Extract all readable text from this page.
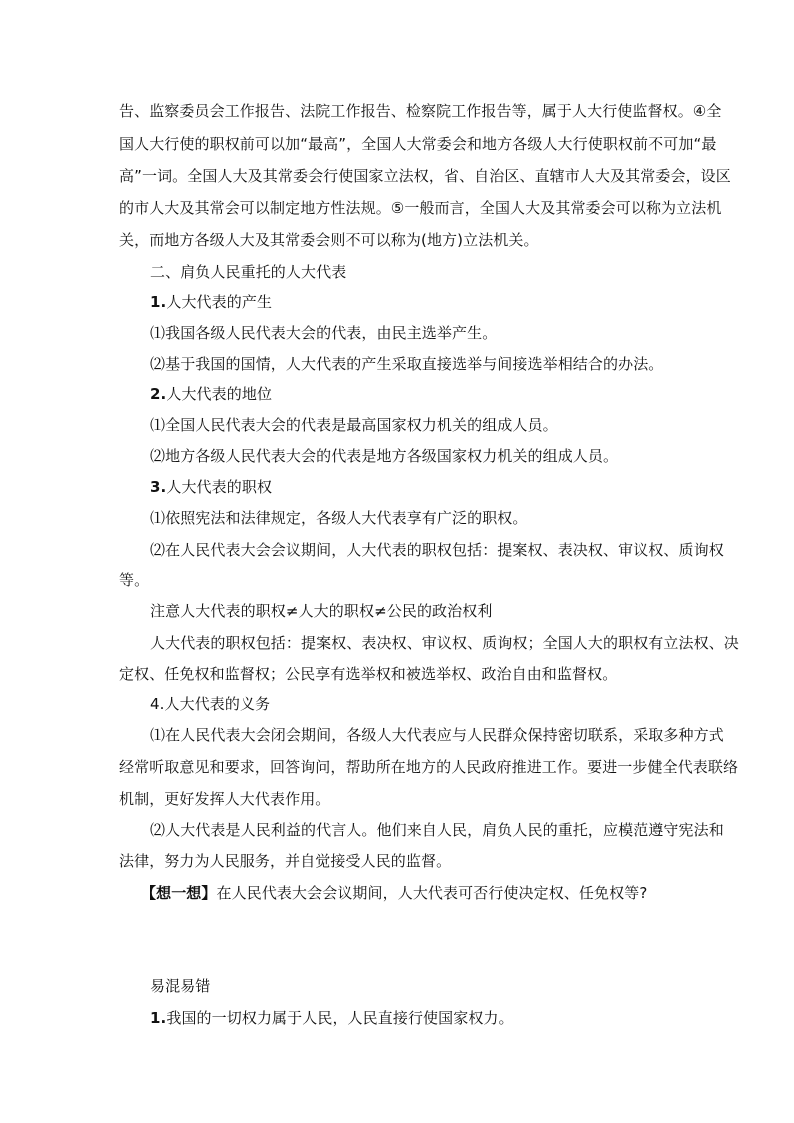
告、监察委员会工作报告、法院工作报告、检察院工作报告等，属于人大行使监督权。④全
国人大行使的职权前可以加“最高”，全国人大常委会和地方各级人大行使职权前不可加“最
高”一词。全国人大及其常委会行使国家立法权，省、自治区、直辖市人大及其常委会，设区
的市人大及其常会可以制定地方性法规。⑤一般而言，全国人大及其常委会可以称为立法机
关，而地方各级人大及其常委会则不可以称为(地方)立法机关。
二、肩负人民重托的人大代表
1.人大代表的产生
⑴我国各级人民代表大会的代表，由民主选举产生。
⑵基于我国的国情，人大代表的产生采取直接选举与间接选举相结合的办法。
2.人大代表的地位
⑴全国人民代表大会的代表是最高国家权力机关的组成人员。
⑵地方各级人民代表大会的代表是地方各级国家权力机关的组成人员。
3.人大代表的职权
⑴依照宪法和法律规定，各级人大代表享有广泛的职权。
⑵在人民代表大会会议期间，人大代表的职权包括：提案权、表决权、审议权、质询权
等。
注意人大代表的职权≠人大的职权≠公民的政治权利
人大代表的职权包括：提案权、表决权、审议权、质询权；全国人大的职权有立法权、决
定权、任免权和监督权；公民享有选举权和被选举权、政治自由和监督权。
4.人大代表的义务
⑴在人民代表大会闭会期间，各级人大代表应与人民群众保持密切联系，采取多种方式
经常听取意见和要求，回答询问，帮助所在地方的人民政府推进工作。要进一步健全代表联络
机制，更好发挥人大代表作用。
⑵人大代表是人民利益的代言人。他们来自人民，肩负人民的重托，应模范遵守宪法和
法律，努力为人民服务，并自觉接受人民的监督。
【想一想】在人民代表大会会议期间，人大代表可否行使决定权、任免权等?
易混易错
1.我国的一切权力属于人民，人民直接行使国家权力。
